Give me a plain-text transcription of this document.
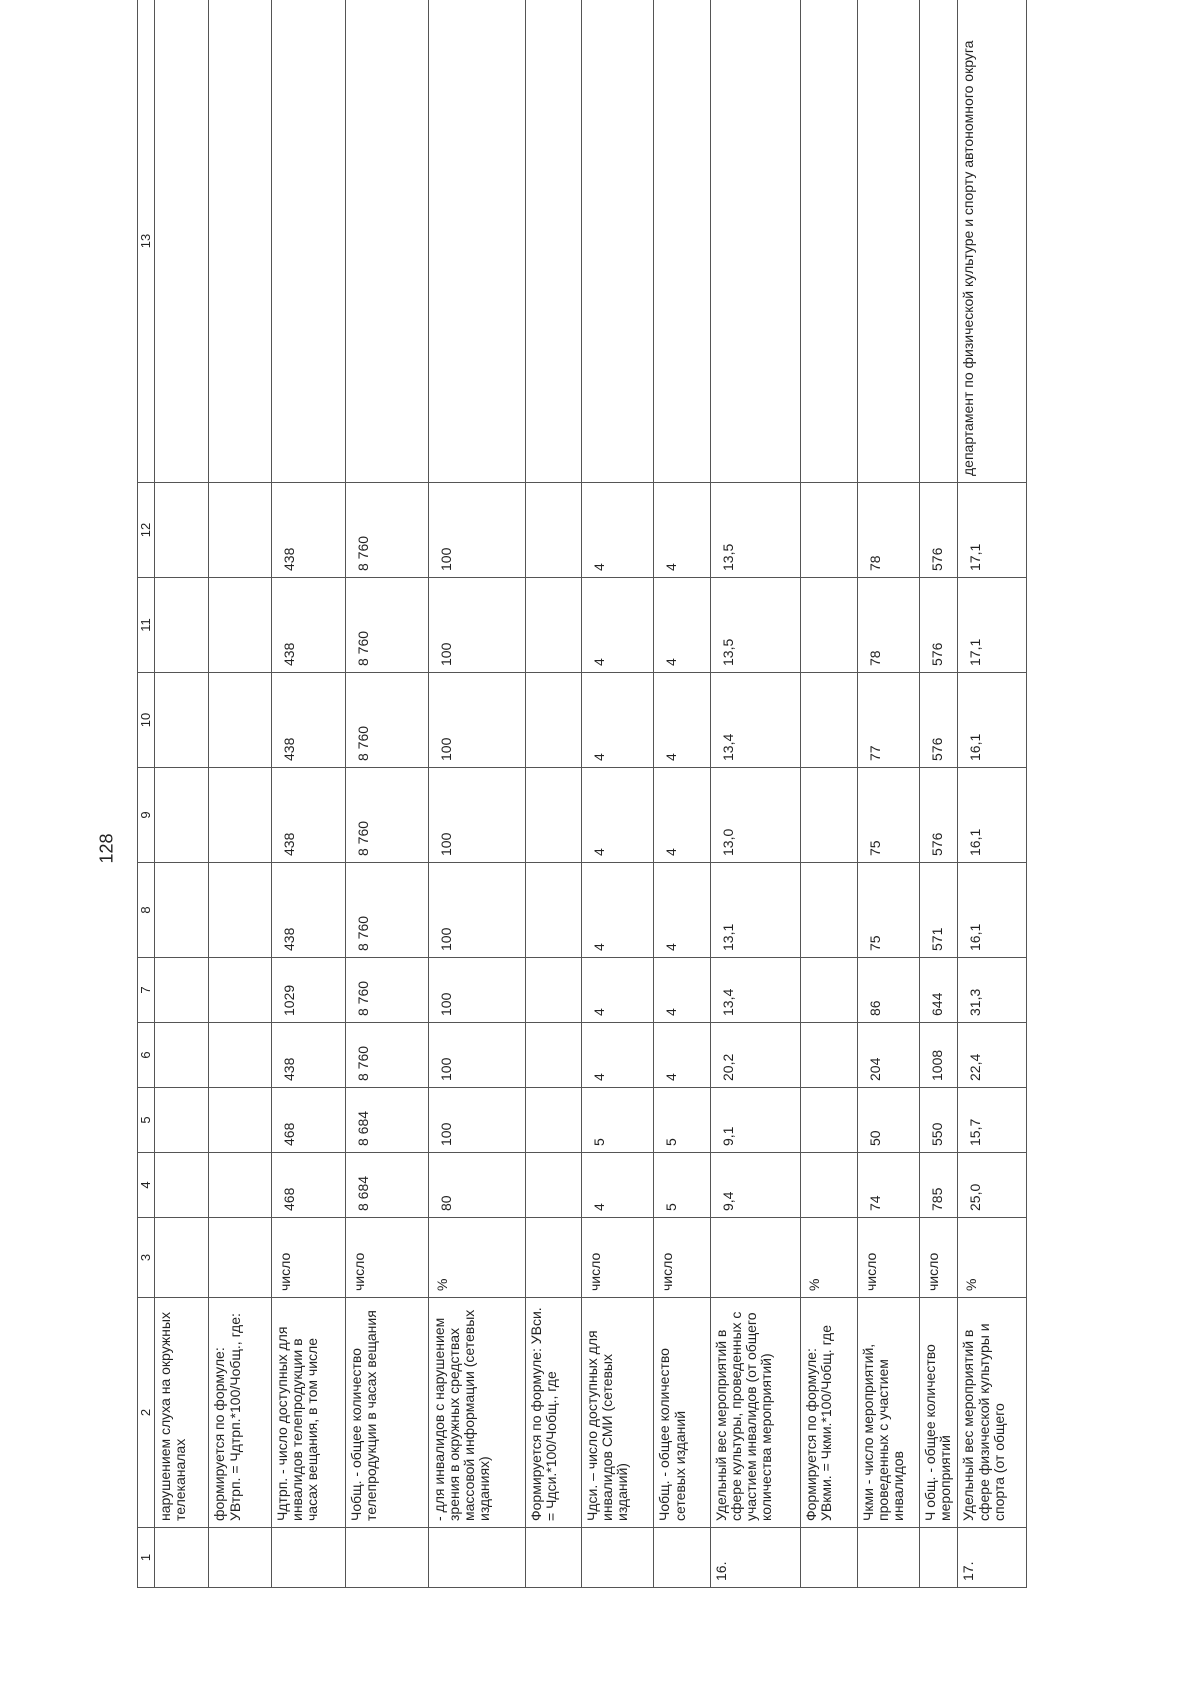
128
1	2	3	4	5	6	7	8	9	10	11	12	13
	нарушением слуха на окружных телеканалах											
	формируется по формуле: УВтрп. = Чдтрп.*100/Чобщ., где:											
	Чдтрп. - число доступных для инвалидов телепродукции в часах вещания, в том числе	число	468	468	438	1029	438	438	438	438	438	
	Чобщ. - общее количество телепродукции в часах вещания	число	8 684	8 684	8 760	8 760	8 760	8 760	8 760	8 760	8 760	
	- для инвалидов с нарушением зрения в окружных средствах массовой информации (сетевых изданиях)	%	80	100	100	100	100	100	100	100	100	
	Формируется по формуле: УВси. = Чдси.*100/Чобщ., где											
	Чдси. – число доступных для инвалидов СМИ (сетевых изданий)	число	4	5	4	4	4	4	4	4	4	
	Чобщ. - общее количество сетевых изданий	число	5	5	4	4	4	4	4	4	4	
16.	Удельный вес мероприятий в сфере культуры, проведенных с участием инвалидов (от общего количества мероприятий)		9,4	9,1	20,2	13,4	13,1	13,0	13,4	13,5	13,5	
	Формируется по формуле: УВкми. = Чкми.*100/Чобщ. где	%										
	Чкми - число мероприятий, проведенных с участием инвалидов	число	74	50	204	86	75	75	77	78	78	
	Ч общ. - общее количество мероприятий	число	785	550	1008	644	571	576	576	576	576	
17.	Удельный вес мероприятий в сфере физической культуры и спорта (от общего	%	25,0	15,7	22,4	31,3	16,1	16,1	16,1	17,1	17,1	департамент по физической культуре и спорту автономного округа
